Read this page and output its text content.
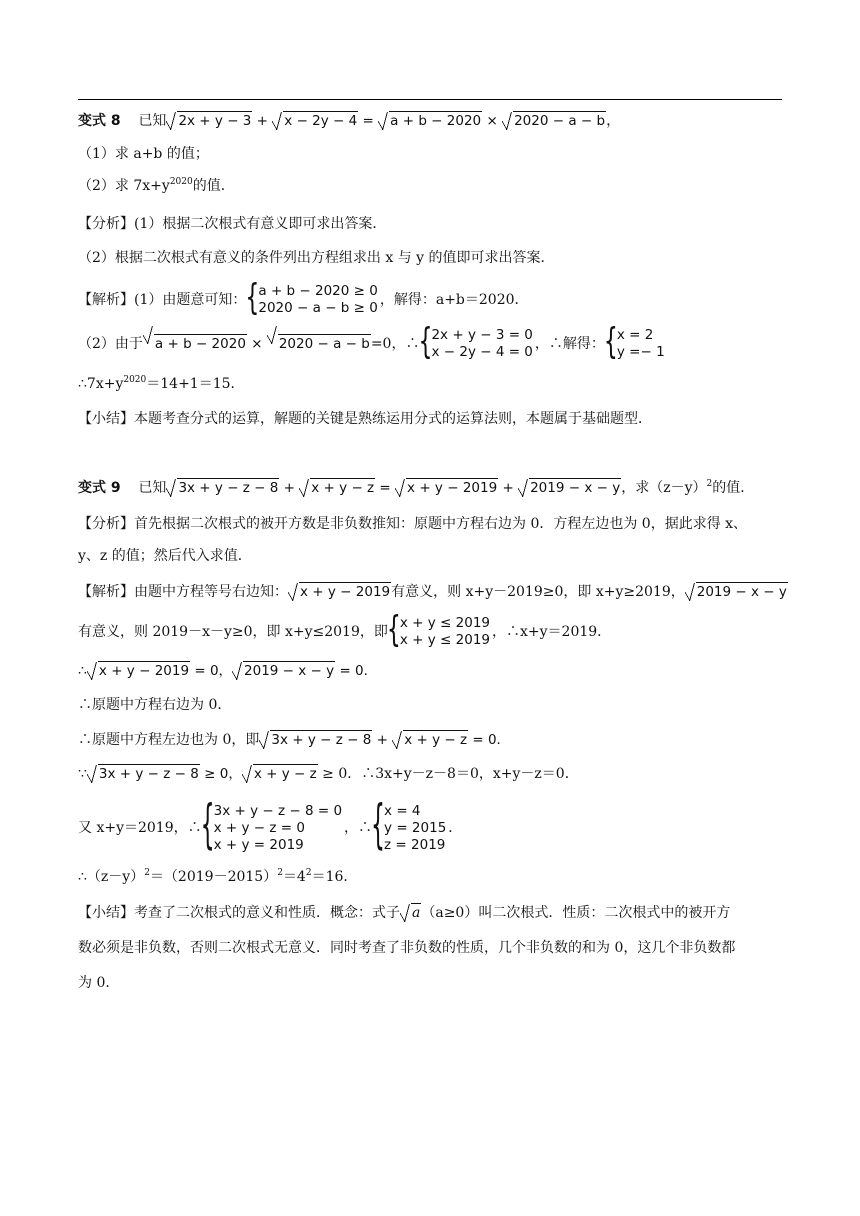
变式 8 已知 2x + y − 3 + x − 2y − 4 = a + b − 2020 × 2020 − a − b，
（1）求 a+b 的值；
（2）求 $7x+y^{2020}$的值．
【分析】(1）根据二次根式有意义即可求出答案．
（2）根据二次根式有意义的条件列出方程组求出 x 与 y 的值即可求出答案．
【解析】(1）由题意可知：
{ a + b − 2020 ≥ 0
2020 − a − b ≥ 0 ，解得：a+b＝2020．
（2）由于 a + b − 2020 × 2020 − a − b=0，∴
{ 2x + y − 3 = 0
x − 2y − 4 = 0 ，∴解得：
{ x = 2
y =− 1
$\therefore 7x+y^{2020}=14+1=15$．
【小结】本题考查分式的运算，解题的关键是熟练运用分式的运算法则，本题属于基础题型．
变式 9 已知 3x + y − z − 8 + x + y − z = x + y − 2019 + 2019 − x − y，求$(z-y)^2$的值．
【分析】首先根据二次根式的被开方数是非负数推知：原题中方程右边为 0．方程左边也为 0，据此求得 x、
y、z 的值；然后代入求值．
【解析】由题中方程等号右边知： x + y − 2019有意义，则 x+y－2019≥0，即 x+y≥2019， 2019 − x − y
有意义，则 2019－x－y≥0，即 x+y≤2019，即
{ x + y ≤ 2019
x + y ≤ 2019 ，∴x+y＝2019．
∴ x + y − 2019 = 0， 2019 − x − y = 0．
∴原题中方程右边为 0．
∴原题中方程左边也为 0，即 3x + y − z − 8 + x + y − z = 0．
∵ 3x + y − z − 8 ≥ 0， x + y − z ≥ 0．∴3x+y－z－8＝0，x+y－z＝0．
又 x+y＝2019，∴
{ 3x + y − z − 8 = 0
x + y − z = 0
x + y = 2019
，∴
{ x = 4
y = 2015
z = 2019
．
$\therefore(z-y)^2=(2019-2015)^2=4^2=16$．
【小结】考查了二次根式的意义和性质．概念：式子 a（a≥0）叫二次根式．性质：二次根式中的被开方
数必须是非负数，否则二次根式无意义．同时考查了非负数的性质，几个非负数的和为 0，这几个非负数都
为 0．
